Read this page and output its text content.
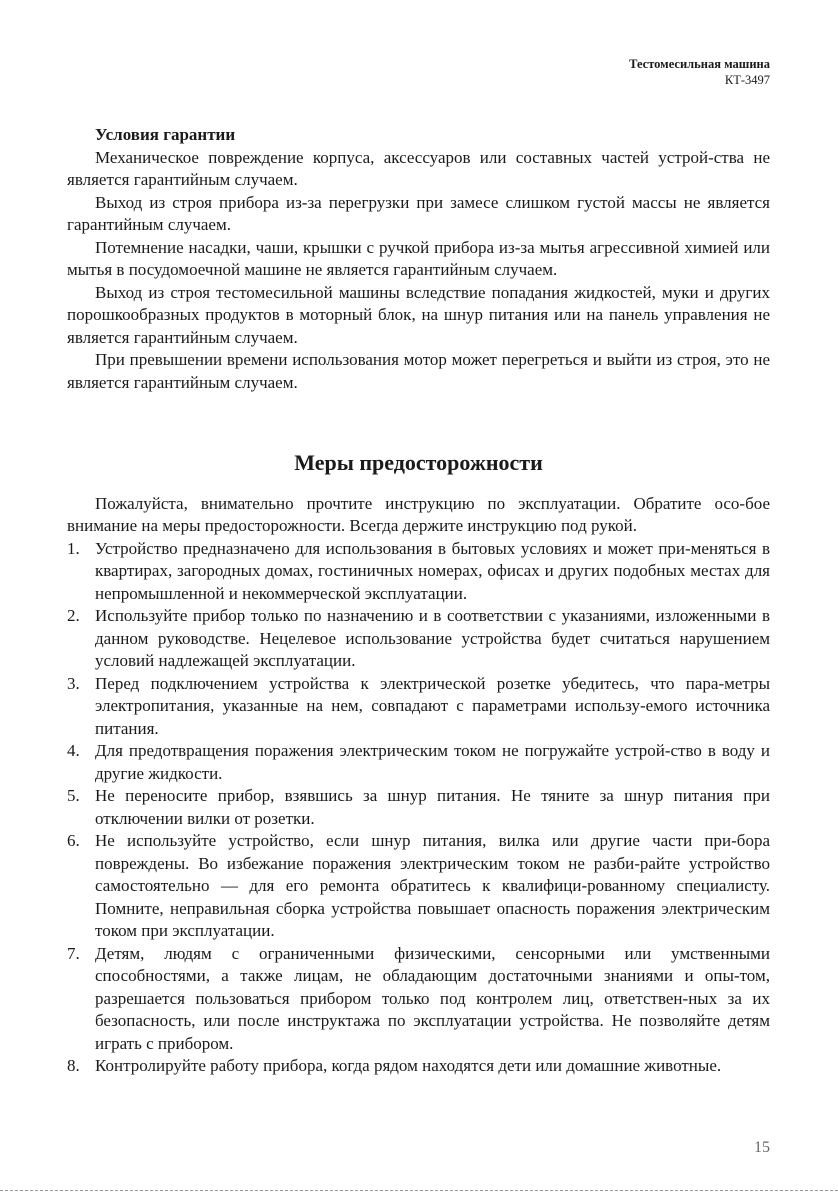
Тестомесильная машина
КТ-3497
Условия гарантии

Механическое повреждение корпуса, аксессуаров или составных частей устрой-ства не является гарантийным случаем.

Выход из строя прибора из-за перегрузки при замесе слишком густой массы не является гарантийным случаем.

Потемнение насадки, чаши, крышки с ручкой прибора из-за мытья агрессивной химией или мытья в посудомоечной машине не является гарантийным случаем.

Выход из строя тестомесильной машины вследствие попадания жидкостей, муки и других порошкообразных продуктов в моторный блок, на шнур питания или на панель управления не является гарантийным случаем.

При превышении времени использования мотор может перегреться и выйти из строя, это не является гарантийным случаем.

Меры предосторожности

Пожалуйста, внимательно прочтите инструкцию по эксплуатации. Обратите осо-бое внимание на меры предосторожности. Всегда держите инструкцию под рукой.

1. Устройство предназначено для использования в бытовых условиях и может при-меняться в квартирах, загородных домах, гостиничных номерах, офисах и других подобных местах для непромышленной и некоммерческой эксплуатации.
2. Используйте прибор только по назначению и в соответствии с указаниями, изложенными в данном руководстве. Нецелевое использование устройства будет считаться нарушением условий надлежащей эксплуатации.
3. Перед подключением устройства к электрической розетке убедитесь, что пара-метры электропитания, указанные на нем, совпадают с параметрами использу-емого источника питания.
4. Для предотвращения поражения электрическим током не погружайте устрой-ство в воду и другие жидкости.
5. Не переносите прибор, взявшись за шнур питания. Не тяните за шнур питания при отключении вилки от розетки.
6. Не используйте устройство, если шнур питания, вилка или другие части при-бора повреждены. Во избежание поражения электрическим током не разби-райте устройство самостоятельно — для его ремонта обратитесь к квалифици-рованному специалисту. Помните, неправильная сборка устройства повышает опасность поражения электрическим током при эксплуатации.
7. Детям, людям с ограниченными физическими, сенсорными или умственными способностями, а также лицам, не обладающим достаточными знаниями и опы-том, разрешается пользоваться прибором только под контролем лиц, ответствен-ных за их безопасность, или после инструктажа по эксплуатации устройства. Не позволяйте детям играть с прибором.
8. Контролируйте работу прибора, когда рядом находятся дети или домашние животные.
15
